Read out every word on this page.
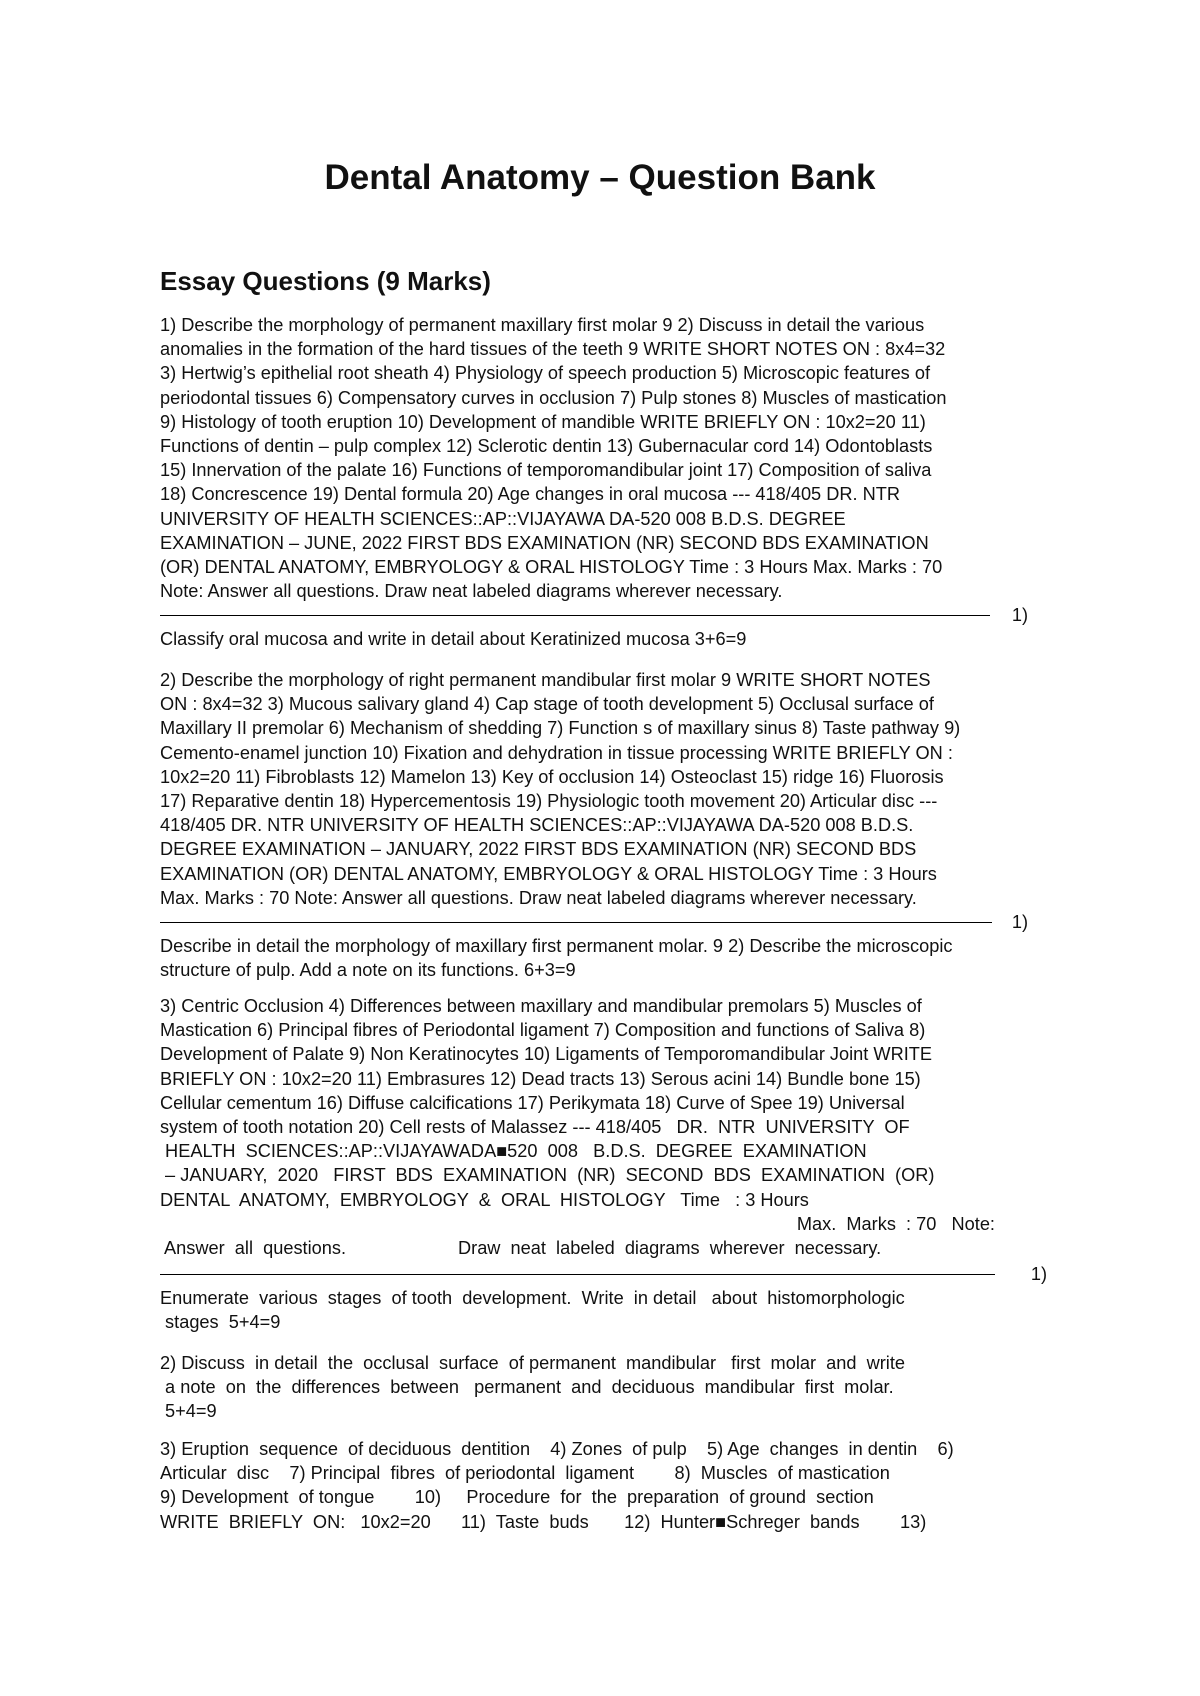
Dental Anatomy – Question Bank
Essay Questions (9 Marks)
1) Describe the morphology of permanent maxillary first molar 9 2) Discuss in detail the various
anomalies in the formation of the hard tissues of the teeth 9 WRITE SHORT NOTES ON : 8x4=32
3) Hertwig’s epithelial root sheath 4) Physiology of speech production 5) Microscopic features of
periodontal tissues 6) Compensatory curves in occlusion 7) Pulp stones 8) Muscles of mastication
9) Histology of tooth eruption 10) Development of mandible WRITE BRIEFLY ON : 10x2=20 11)
Functions of dentin – pulp complex 12) Sclerotic dentin 13) Gubernacular cord 14) Odontoblasts
15) Innervation of the palate 16) Functions of temporomandibular joint 17) Composition of saliva
18) Concrescence 19) Dental formula 20) Age changes in oral mucosa --- 418/405 DR. NTR
UNIVERSITY OF HEALTH SCIENCES::AP::VIJAYAWA DA-520 008 B.D.S. DEGREE
EXAMINATION – JUNE, 2022 FIRST BDS EXAMINATION (NR) SECOND BDS EXAMINATION
(OR) DENTAL ANATOMY, EMBRYOLOGY & ORAL HISTOLOGY Time : 3 Hours Max. Marks : 70
Note: Answer all questions. Draw neat labeled diagrams wherever necessary.
1)
Classify oral mucosa and write in detail about Keratinized mucosa 3+6=9
2) Describe the morphology of right permanent mandibular first molar 9 WRITE SHORT NOTES
ON : 8x4=32 3) Mucous salivary gland 4) Cap stage of tooth development 5) Occlusal surface of
Maxillary II premolar 6) Mechanism of shedding 7) Function s of maxillary sinus 8) Taste pathway 9)
Cemento-enamel junction 10) Fixation and dehydration in tissue processing WRITE BRIEFLY ON :
10x2=20 11) Fibroblasts 12) Mamelon 13) Key of occlusion 14) Osteoclast 15) ridge 16) Fluorosis
17) Reparative dentin 18) Hypercementosis 19) Physiologic tooth movement 20) Articular disc ---
418/405 DR. NTR UNIVERSITY OF HEALTH SCIENCES::AP::VIJAYAWA DA-520 008 B.D.S.
DEGREE EXAMINATION – JANUARY, 2022 FIRST BDS EXAMINATION (NR) SECOND BDS
EXAMINATION (OR) DENTAL ANATOMY, EMBRYOLOGY & ORAL HISTOLOGY Time : 3 Hours
Max. Marks : 70 Note: Answer all questions. Draw neat labeled diagrams wherever necessary.
1)
Describe in detail the morphology of maxillary first permanent molar. 9 2) Describe the microscopic
structure of pulp. Add a note on its functions. 6+3=9
3) Centric Occlusion 4) Differences between maxillary and mandibular premolars 5) Muscles of
Mastication 6) Principal fibres of Periodontal ligament 7) Composition and functions of Saliva 8)
Development of Palate 9) Non Keratinocytes 10) Ligaments of Temporomandibular Joint WRITE
BRIEFLY ON : 10x2=20 11) Embrasures 12) Dead tracts 13) Serous acini 14) Bundle bone 15)
Cellular cementum 16) Diffuse calcifications 17) Perikymata 18) Curve of Spee 19) Universal
system of tooth notation 20) Cell rests of Malassez --- 418/405   DR.  NTR  UNIVERSITY  OF
HEALTH  SCIENCES::AP::VIJAYAWADA■520  008   B.D.S.  DEGREE  EXAMINATION
– JANUARY,  2020   FIRST  BDS  EXAMINATION  (NR)  SECOND  BDS  EXAMINATION  (OR)
DENTAL  ANATOMY,  EMBRYOLOGY  &  ORAL  HISTOLOGY   Time   : 3 Hours
Max.  Marks  : 70   Note:
Answer  all  questions.	Draw  neat  labeled  diagrams  wherever  necessary.
1)
Enumerate  various  stages  of tooth  development.  Write  in detail   about  histomorphologic
stages  5+4=9
2) Discuss  in detail  the  occlusal  surface  of permanent  mandibular   first  molar  and  write
a note  on  the  differences  between   permanent  and  deciduous  mandibular  first  molar.
5+4=9
3) Eruption  sequence  of deciduous  dentition    4) Zones  of pulp    5) Age  changes  in dentin    6)
Articular  disc    7) Principal  fibres  of periodontal  ligament        8)  Muscles  of mastication
9) Development  of tongue        10)     Procedure  for  the  preparation  of ground  section
WRITE  BRIEFLY  ON:   10x2=20      11)  Taste  buds       12)  Hunter■Schreger  bands        13)
